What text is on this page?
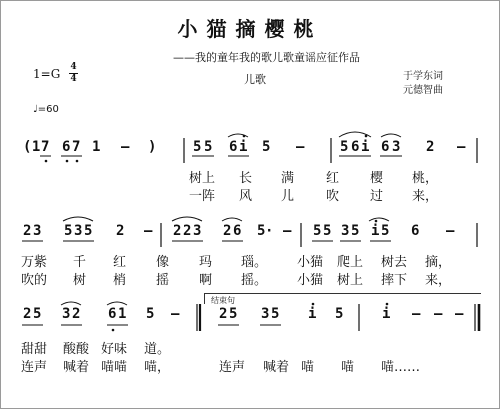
小猫摘樱桃
——我的童年我的歌儿歌童谣应征作品
1=G 4
4	儿歌	于学东词
元德智曲
♩=60
结束句
(1 7 6 7 1 – )	5 5 6 i 5 –	5 6 i 6 3 2 –
树上 长 满 红 樱 桃，
一阵 风 儿 吹 过 来，
2 3 5 3 5 2 – 2 2 3 2 6 5 · – 5 5 3 5 i 5 6 –
万紫 千 红 像 玛 瑙。 小猫 爬上 树去 摘，
吹的 树 梢 摇 啊 摇。 小猫 树上 摔下 来，
2 5 3 2 6 1 5 –	2 5 3 5 i 5	i – – –
甜甜 酸酸 好味 道。
连声 喊着 喵喵 喵，	连声 喊着 喵 喵 喵……
